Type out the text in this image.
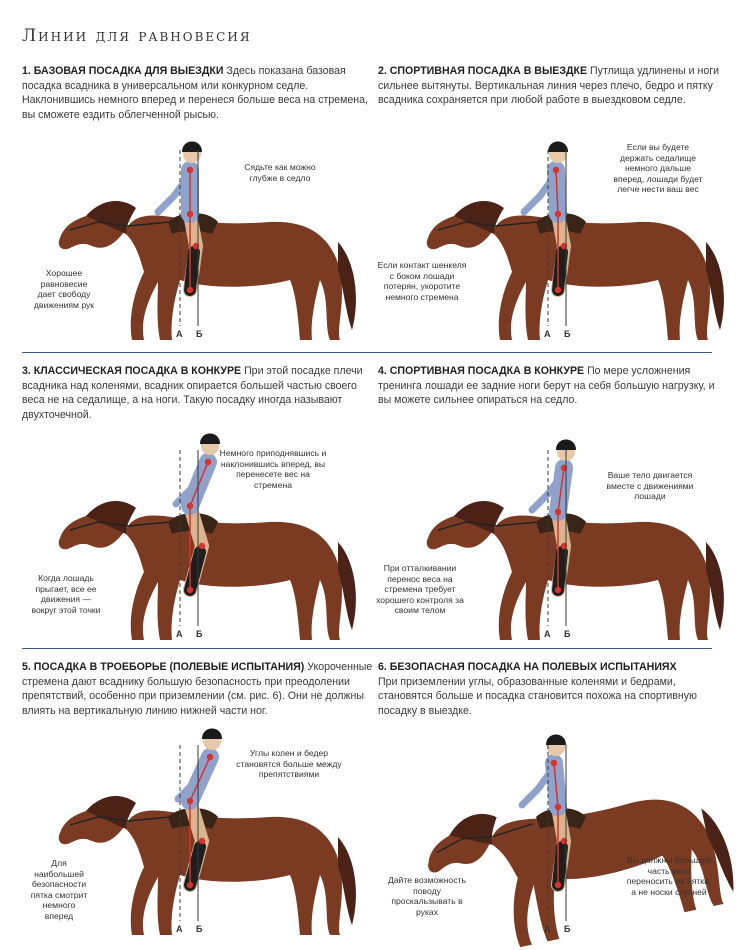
Линии для равновесия

1. БАЗОВАЯ ПОСАДКА ДЛЯ ВЫЕЗДКИ Здесь показана базовая посадка всадника в универсальном или конкурном седле. Наклонившись немного вперед и перенеся больше веса на стремена, вы сможете ездить облегченной рысью.

2. СПОРТИВНАЯ ПОСАДКА В ВЫЕЗДКЕ Путлища удлинены и ноги сильнее вытянуты. Вертикальная линия через плечо, бедро и пятку всадника сохраняется при любой работе в выездковом седле.

3. КЛАССИЧЕСКАЯ ПОСАДКА В КОНКУРЕ При этой посадке плечи всадника над коленями, всадник опирается большей частью своего веса не на седалище, а на ноги. Такую посадку иногда называют двухточечной.

4. СПОРТИВНАЯ ПОСАДКА В КОНКУРЕ По мере усложнения тренинга лошади ее задние ноги берут на себя большую нагрузку, и вы можете сильнее опираться на седло.

5. ПОСАДКА В ТРОЕБОРЬЕ (ПОЛЕВЫЕ ИСПЫТАНИЯ) Укороченные стремена дают всаднику большую безопасность при преодолении препятствий, особенно при приземлении (см. рис. 6). Они не должны влиять на вертикальную линию нижней части ног.

6. БЕЗОПАСНАЯ ПОСАДКА НА ПОЛЕВЫХ ИСПЫТАНИЯХ
При приземлении углы, образованные коленями и бедрами, становятся больше и посадка становится похожа на спортивную посадку в выездке.

А Б	А Б
А Б	А Б
А Б	А Б
Сядьте как можно глубже в седло
Хорошее равновесие дает свободу движениям рук
Если вы будете держать седалище немного дальше вперед, лошади будет легче нести ваш вес
Если контакт шенкеля с боком лошади потерян, укоротите немного стремена
Немного приподнявшись и наклонившись вперед, вы перенесете вес на стремена
Когда лошадь прыгает, все ее движения — вокруг этой точки
Ваше тело двигается вместе с движениями лошади
При отталкивании перенос веса на стремена требует хорошего контроля за своим телом
Углы колен и бедер становятся больше между препятствиями
Для наибольшей безопасности пятка смотрит немного вперед
Дайте возможность поводу проскальзывать в руках
Вы должны большую часть веса переносить на пятки, а не носки ступней
